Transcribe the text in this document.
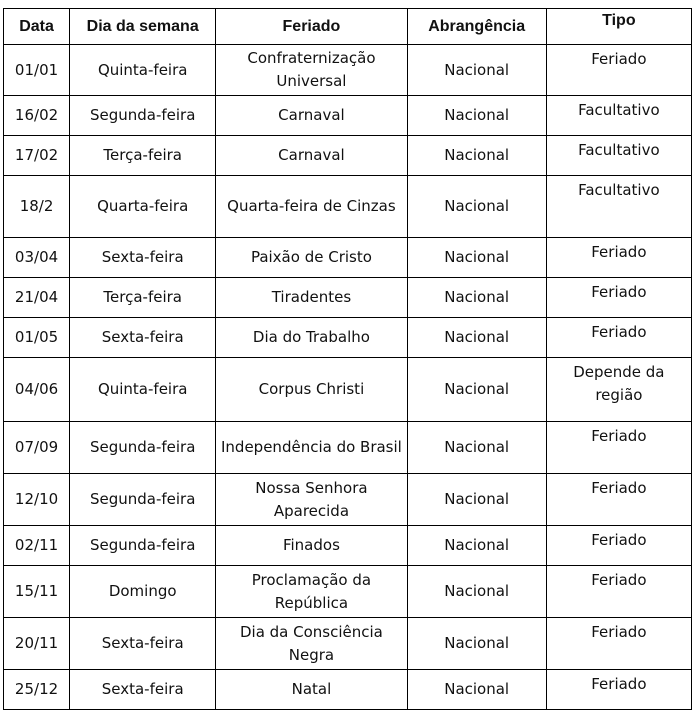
Data	Dia da semana	Feriado	Abrangência	Tipo
01/01	Quinta-feira	Confraternização Universal	Nacional	Feriado
16/02	Segunda-feira	Carnaval	Nacional	Facultativo
17/02	Terça-feira	Carnaval	Nacional	Facultativo
18/2	Quarta-feira	Quarta-feira de Cinzas	Nacional	Facultativo
03/04	Sexta-feira	Paixão de Cristo	Nacional	Feriado
21/04	Terça-feira	Tiradentes	Nacional	Feriado
01/05	Sexta-feira	Dia do Trabalho	Nacional	Feriado
04/06	Quinta-feira	Corpus Christi	Nacional	Depende da região
07/09	Segunda-feira	Independência do Brasil	Nacional	Feriado
12/10	Segunda-feira	Nossa Senhora Aparecida	Nacional	Feriado
02/11	Segunda-feira	Finados	Nacional	Feriado
15/11	Domingo	Proclamação da República	Nacional	Feriado
20/11	Sexta-feira	Dia da Consciência Negra	Nacional	Feriado
25/12	Sexta-feira	Natal	Nacional	Feriado
